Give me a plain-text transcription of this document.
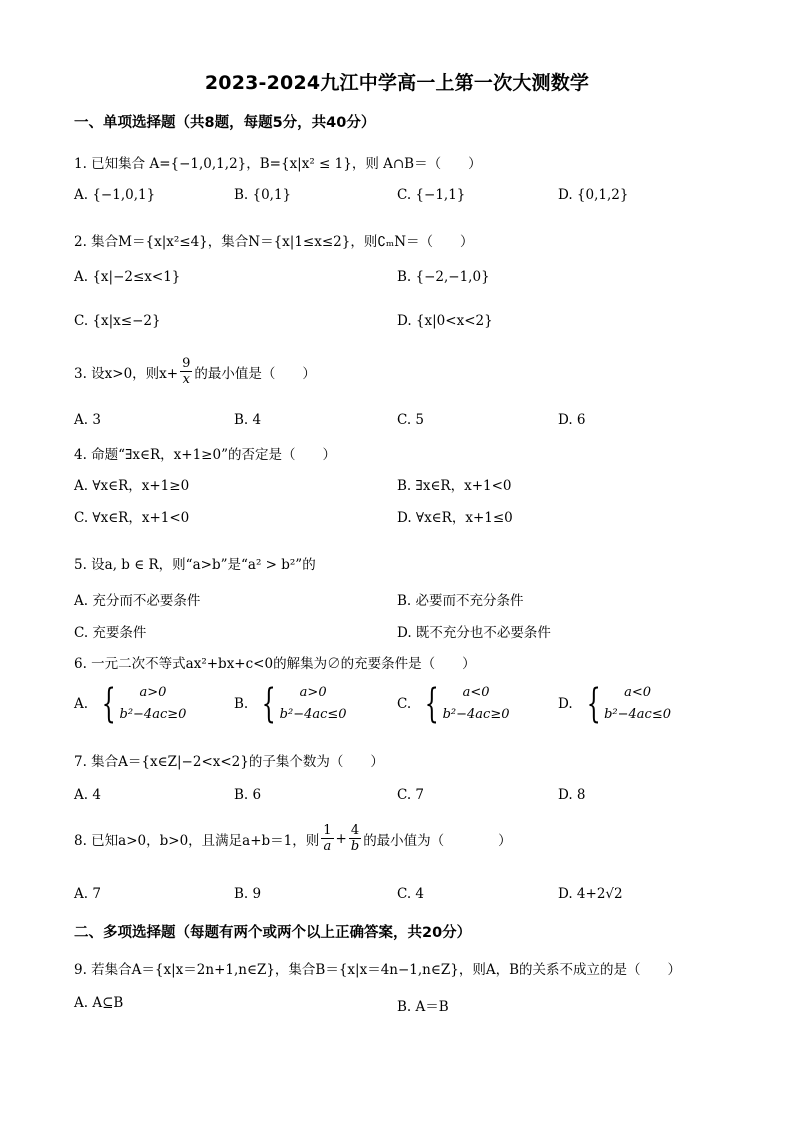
2023-2024九江中学高一上第一次大测数学
一、单项选择题（共8题，每题5分，共40分）
1. 已知集合 A={−1,0,1,2}，B={x|x² ≤ 1}，则 A∩B＝（　　）
A. {−1,0,1}	B. {0,1}	C. {−1,1}	D. {0,1,2}
2. 集合M＝{x|x²≤4}，集合N＝{x|1≤x≤2}，则∁ₘN＝（　　）
A. {x|−2≤x<1}	B. {−2,−1,0}
C. {x|x≤−2}	D. {x|0<x<2}
3. 设x>0，则$x+ \frac{9}{x}$ 的最小值是（　　）
A. 3	B. 4	C. 5	D. 6
4. 命题“∃x∈R，x+1≥0”的否定是（　　）
A. ∀x∈R，x+1≥0	B. ∃x∈R，x+1<0
C. ∀x∈R，x+1<0	D. ∀x∈R，x+1≤0
5. 设a, b ∈ R，则“a>b”是“a² > b²”的
A. 充分而不必要条件	B. 必要而不充分条件
C. 充要条件	D. 既不充分也不必要条件
6. 一元二次不等式ax²+bx+c<0的解集为∅的充要条件是（　　）
A. {	a>0
b²−4ac≥0
B. {	a>0
b²−4ac≤0
C. {	a<0
b²−4ac≥0
D. {	a<0
b²−4ac≤0
7. 集合A＝{x∈Z|−2<x<2}的子集个数为（　　）
A. 4	B. 6	C. 7	D. 8
8. 已知a>0，b>0，且满足a+b＝1，则 $\frac{1}{a} + \frac{4}{b}$ 的最小值为（　　　　）
A. 7	B. 9	C. 4	D. 4+2√2
二、多项选择题（每题有两个或两个以上正确答案，共20分）
9. 若集合A＝{x|x＝2n+1,n∈Z}，集合B＝{x|x＝4n−1,n∈Z}，则A，B的关系不成立的是（　　）
A. A⊆B	B. A＝B
